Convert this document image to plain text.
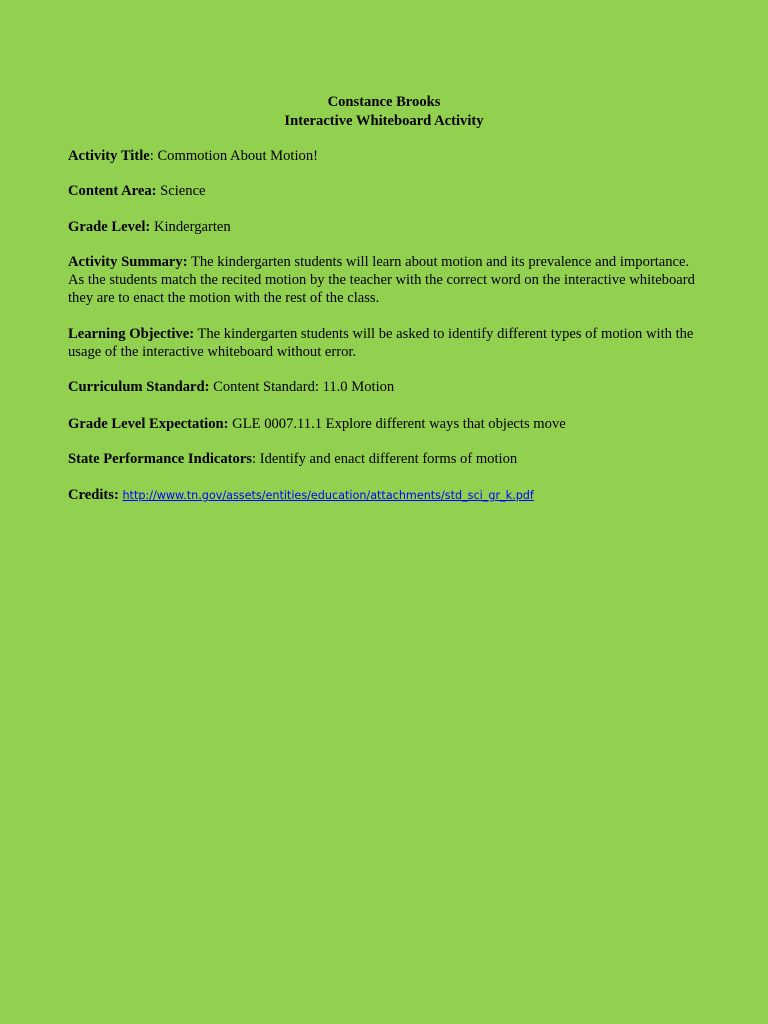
Constance Brooks
Interactive Whiteboard Activity
Activity Title: Commotion About Motion!
Content Area: Science
Grade Level: Kindergarten
Activity Summary: The kindergarten students will learn about motion and its prevalence and importance. As the students match the recited motion by the teacher with the correct word on the interactive whiteboard they are to enact the motion with the rest of the class.
Learning Objective: The kindergarten students will be asked to identify different types of motion with the usage of the interactive whiteboard without error.
Curriculum Standard: Content Standard: 11.0 Motion
Grade Level Expectation: GLE 0007.11.1 Explore different ways that objects move
State Performance Indicators: Identify and enact different forms of motion
Credits: http://www.tn.gov/assets/entities/education/attachments/std_sci_gr_k.pdf
